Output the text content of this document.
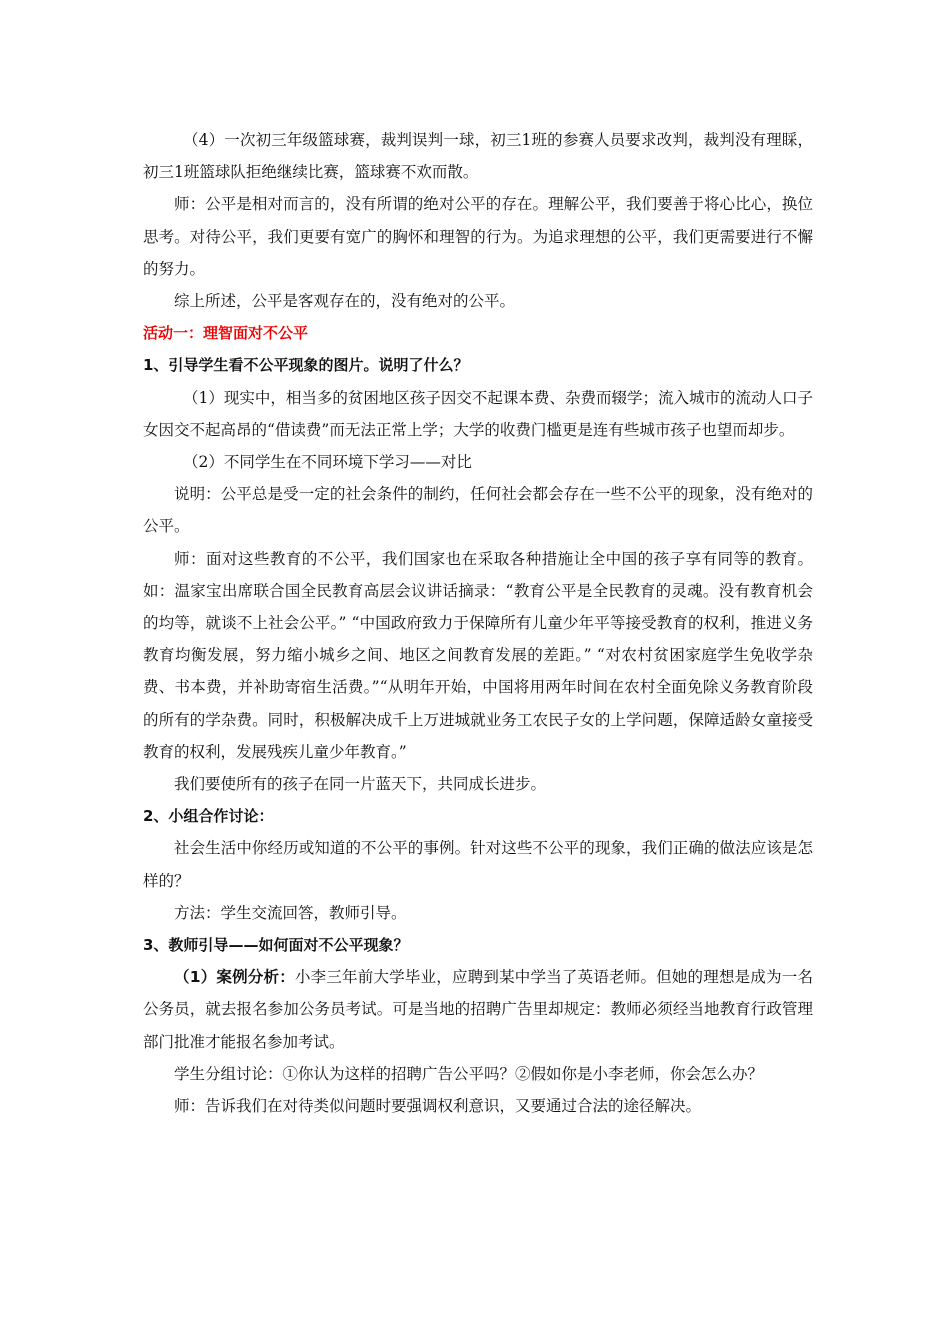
（4）一次初三年级篮球赛，裁判误判一球，初三1班的参赛人员要求改判，裁判没有理睬，初三1班篮球队拒绝继续比赛，篮球赛不欢而散。

师：公平是相对而言的，没有所谓的绝对公平的存在。理解公平，我们要善于将心比心，换位思考。对待公平，我们更要有宽广的胸怀和理智的行为。为追求理想的公平，我们更需要进行不懈的努力。

综上所述，公平是客观存在的，没有绝对的公平。

活动一：理智面对不公平

1、引导学生看不公平现象的图片。说明了什么？

（1）现实中，相当多的贫困地区孩子因交不起课本费、杂费而辍学；流入城市的流动人口子女因交不起高昂的“借读费”而无法正常上学；大学的收费门槛更是连有些城市孩子也望而却步。

（2）不同学生在不同环境下学习——对比

说明：公平总是受一定的社会条件的制约，任何社会都会存在一些不公平的现象，没有绝对的公平。

师：面对这些教育的不公平，我们国家也在采取各种措施让全中国的孩子享有同等的教育。如：温家宝出席联合国全民教育高层会议讲话摘录：“教育公平是全民教育的灵魂。没有教育机会的均等，就谈不上社会公平。” “中国政府致力于保障所有儿童少年平等接受教育的权利，推进义务教育均衡发展，努力缩小城乡之间、地区之间教育发展的差距。” “对农村贫困家庭学生免收学杂费、书本费，并补助寄宿生活费。”“从明年开始，中国将用两年时间在农村全面免除义务教育阶段的所有的学杂费。同时，积极解决成千上万进城就业务工农民子女的上学问题，保障适龄女童接受教育的权利，发展残疾儿童少年教育。”

我们要使所有的孩子在同一片蓝天下，共同成长进步。

2、小组合作讨论：

社会生活中你经历或知道的不公平的事例。针对这些不公平的现象，我们正确的做法应该是怎样的？

方法：学生交流回答，教师引导。

3、教师引导——如何面对不公平现象？

（1）案例分析：小李三年前大学毕业，应聘到某中学当了英语老师。但她的理想是成为一名公务员，就去报名参加公务员考试。可是当地的招聘广告里却规定：教师必须经当地教育行政管理部门批准才能报名参加考试。

学生分组讨论：①你认为这样的招聘广告公平吗？②假如你是小李老师，你会怎么办？

师：告诉我们在对待类似问题时要强调权利意识，又要通过合法的途径解决。
